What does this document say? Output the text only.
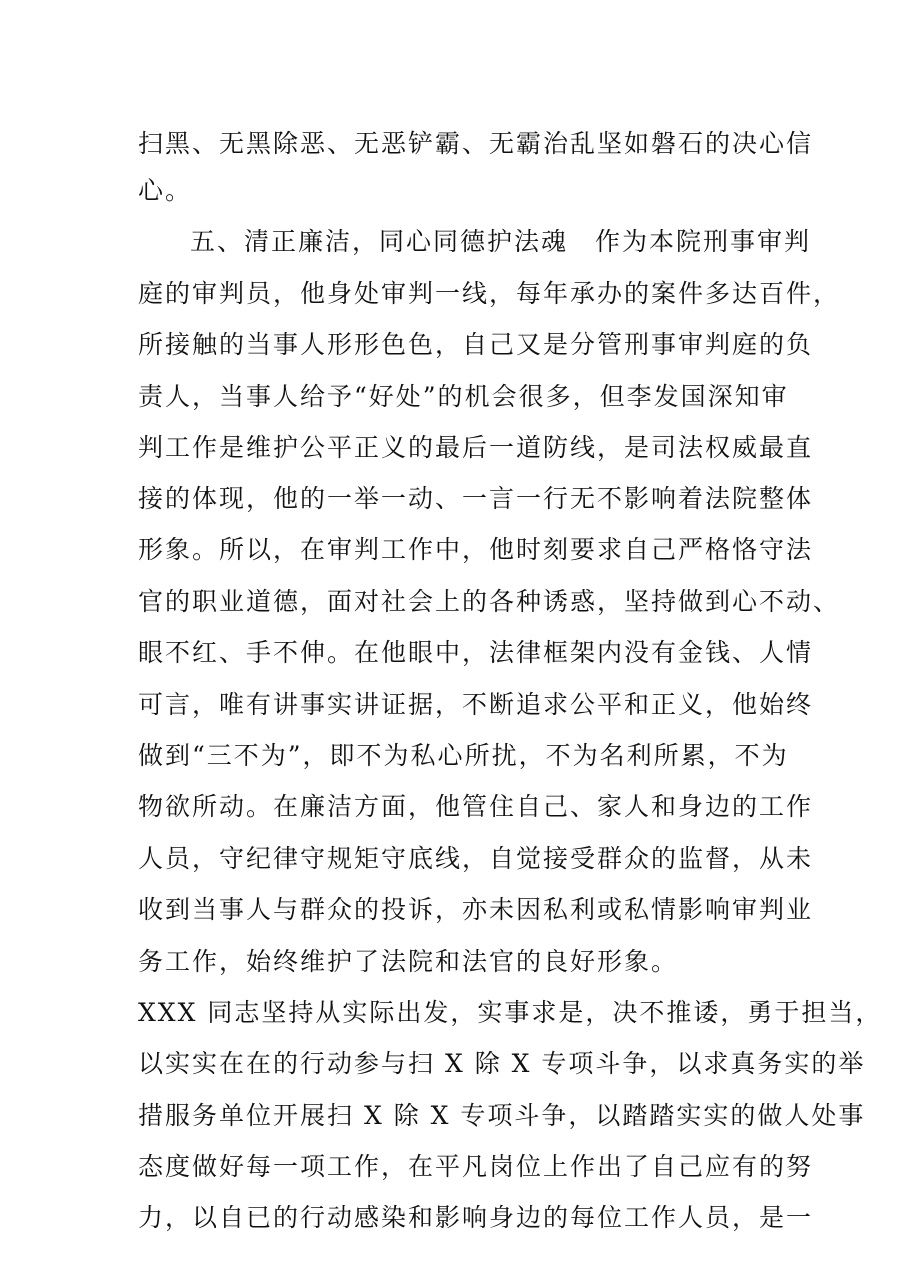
扫黑、无黑除恶、无恶铲霸、无霸治乱坚如磐石的决心信
心。
五、清正廉洁，同心同德护法魂　作为本院刑事审判
庭的审判员，他身处审判一线，每年承办的案件多达百件，
所接触的当事人形形色色，自己又是分管刑事审判庭的负
责人，当事人给予“好处”的机会很多，但李发国深知审
判工作是维护公平正义的最后一道防线，是司法权威最直
接的体现，他的一举一动、一言一行无不影响着法院整体
形象。所以，在审判工作中，他时刻要求自己严格恪守法
官的职业道德，面对社会上的各种诱惑，坚持做到心不动、
眼不红、手不伸。在他眼中，法律框架内没有金钱、人情
可言，唯有讲事实讲证据，不断追求公平和正义，他始终
做到“三不为”，即不为私心所扰，不为名利所累，不为
物欲所动。在廉洁方面，他管住自己、家人和身边的工作
人员，守纪律守规矩守底线，自觉接受群众的监督，从未
收到当事人与群众的投诉，亦未因私利或私情影响审判业
务工作，始终维护了法院和法官的良好形象。
XXX 同志坚持从实际出发，实事求是，决不推诿，勇于担当，
以实实在在的行动参与扫 X 除 X 专项斗争，以求真务实的举
措服务单位开展扫 X 除 X 专项斗争，以踏踏实实的做人处事
态度做好每一项工作，在平凡岗位上作出了自己应有的努
力，以自已的行动感染和影响身边的每位工作人员，是一
